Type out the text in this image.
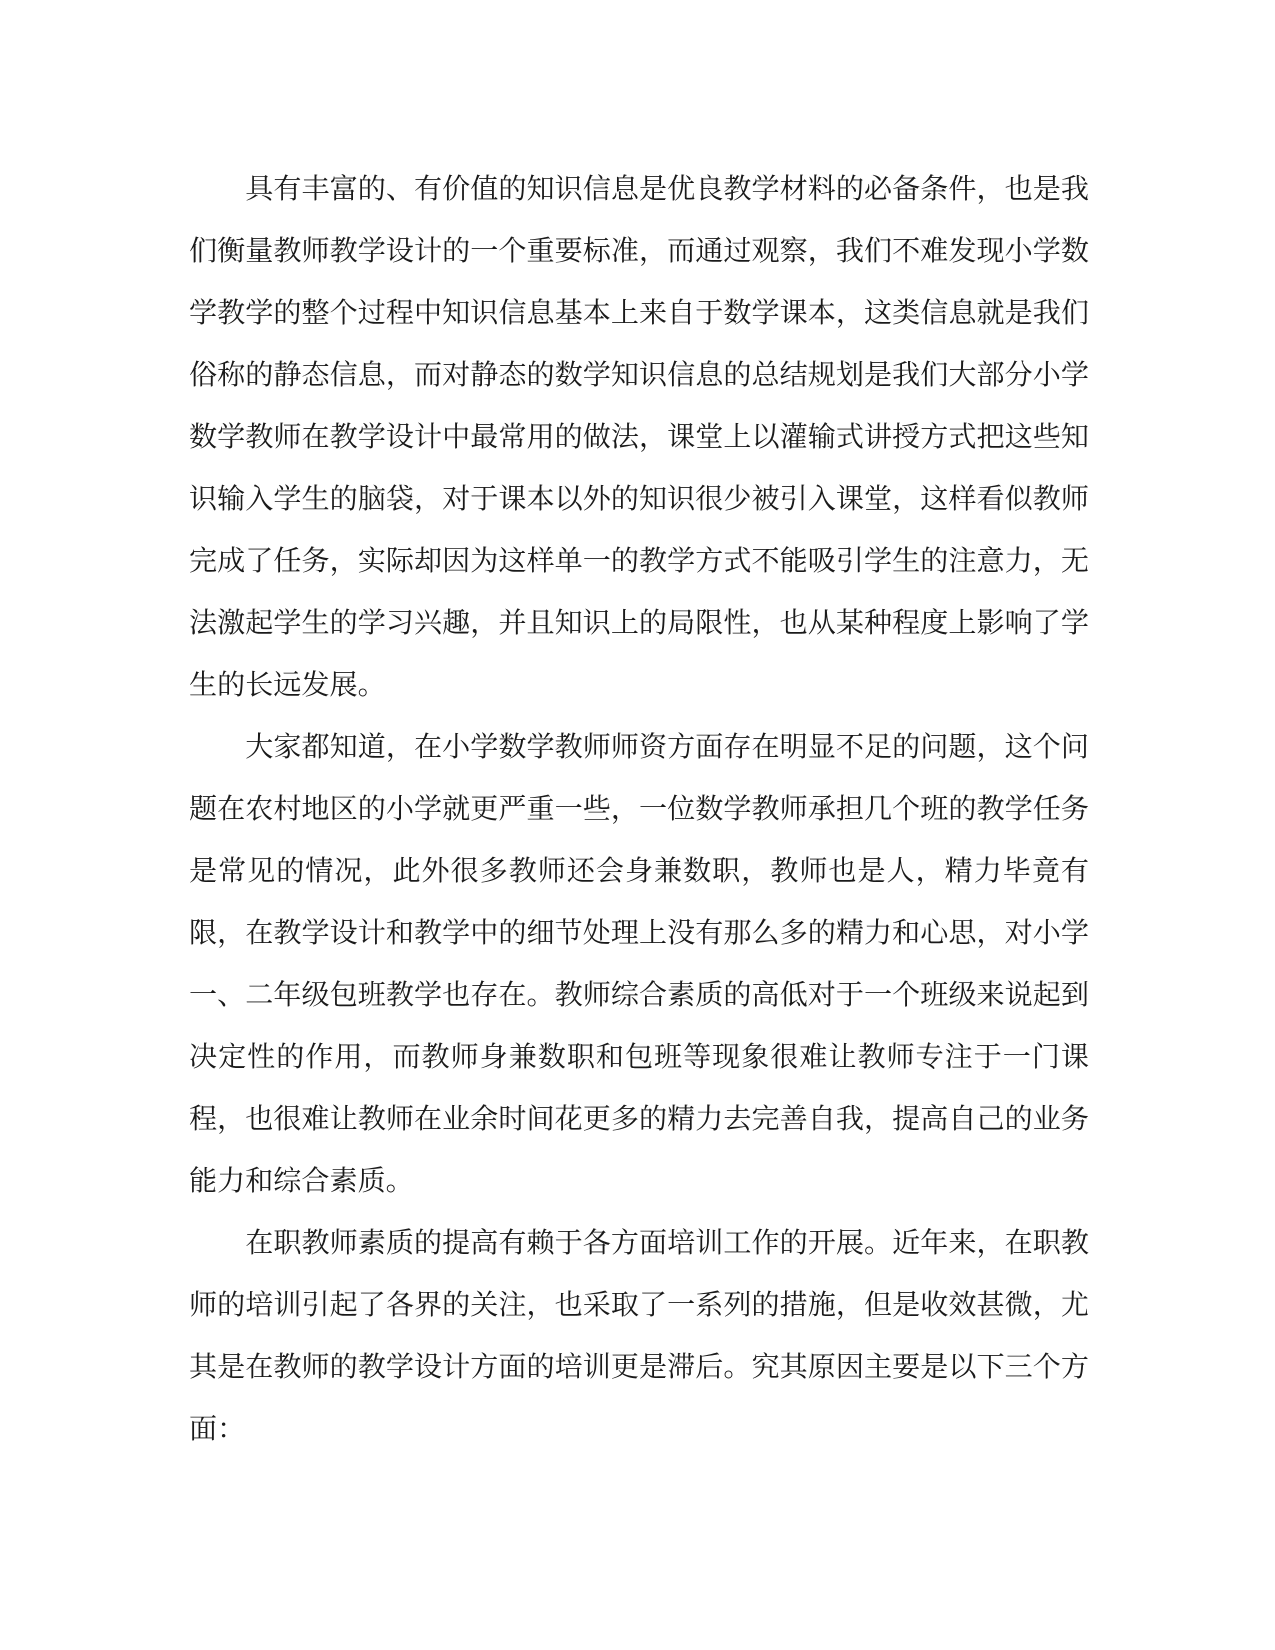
具有丰富的、有价值的知识信息是优良教学材料的必备条件，也是我们衡量教师教学设计的一个重要标准，而通过观察，我们不难发现小学数学教学的整个过程中知识信息基本上来自于数学课本，这类信息就是我们俗称的静态信息，而对静态的数学知识信息的总结规划是我们大部分小学数学教师在教学设计中最常用的做法，课堂上以灌输式讲授方式把这些知识输入学生的脑袋，对于课本以外的知识很少被引入课堂，这样看似教师完成了任务，实际却因为这样单一的教学方式不能吸引学生的注意力，无法激起学生的学习兴趣，并且知识上的局限性，也从某种程度上影响了学生的长远发展。

大家都知道，在小学数学教师师资方面存在明显不足的问题，这个问题在农村地区的小学就更严重一些，一位数学教师承担几个班的教学任务是常见的情况，此外很多教师还会身兼数职，教师也是人，精力毕竟有限，在教学设计和教学中的细节处理上没有那么多的精力和心思，对小学一、二年级包班教学也存在。教师综合素质的高低对于一个班级来说起到决定性的作用，而教师身兼数职和包班等现象很难让教师专注于一门课程，也很难让教师在业余时间花更多的精力去完善自我，提高自己的业务能力和综合素质。

在职教师素质的提高有赖于各方面培训工作的开展。近年来，在职教师的培训引起了各界的关注，也采取了一系列的措施，但是收效甚微，尤其是在教师的教学设计方面的培训更是滞后。究其原因主要是以下三个方面：
